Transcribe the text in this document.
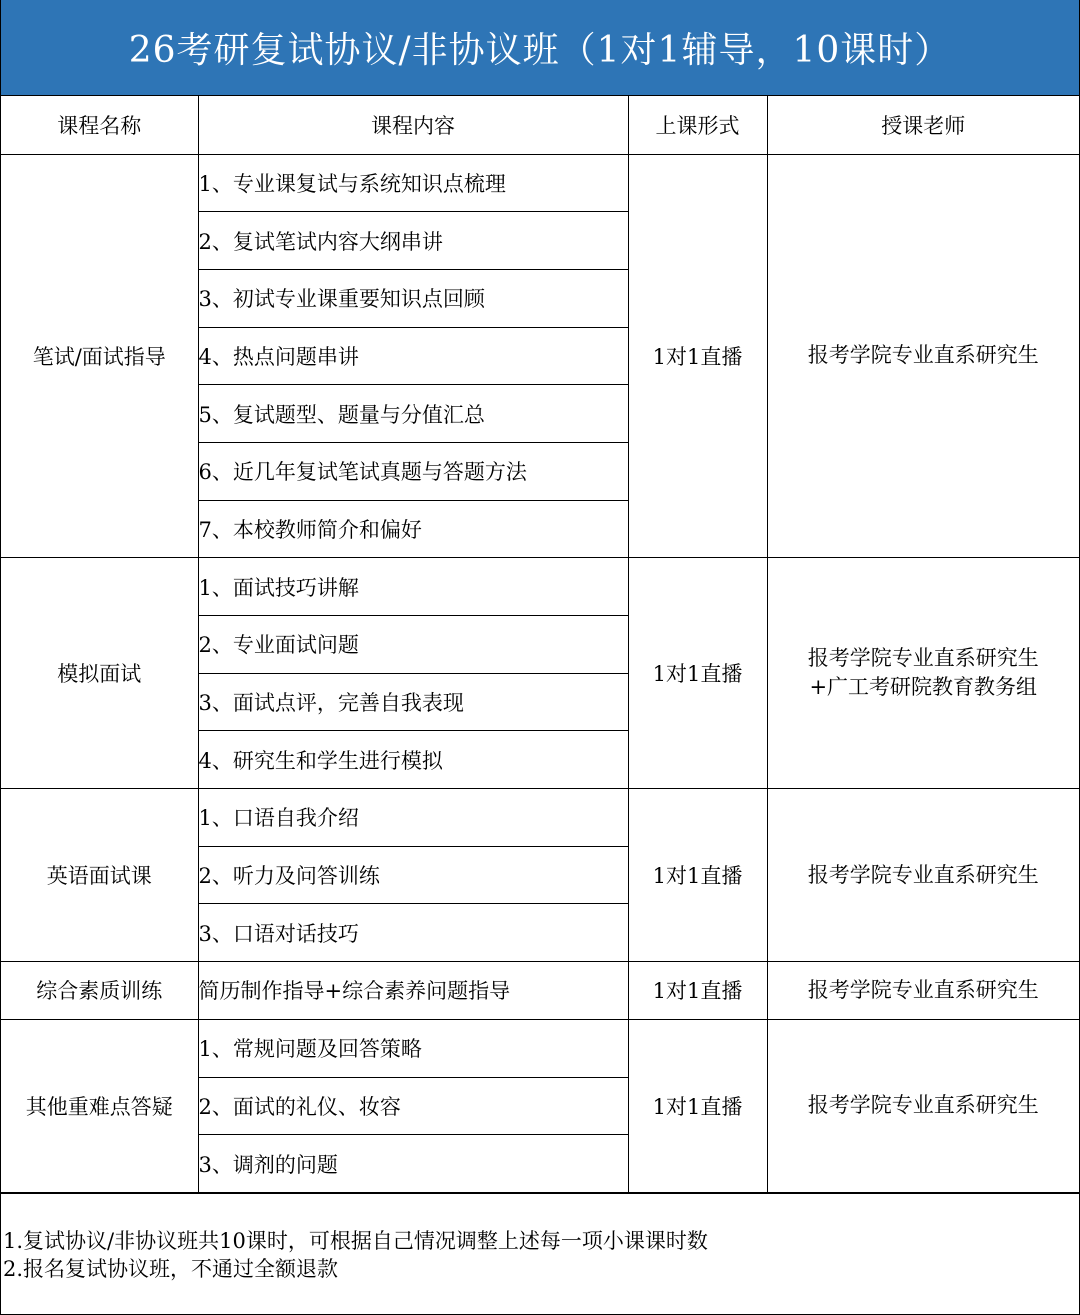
26考研复试协议/非协议班（1对1辅导，10课时）
课程名称	课程内容	上课形式	授课老师
笔试/面试指导	1、专业课复试与系统知识点梳理	1对1直播	报考学院专业直系研究生

	2、复试笔试内容大纲串讲		
	3、初试专业课重要知识点回顾		
	4、热点问题串讲		
	5、复试题型、题量与分值汇总		
	6、近几年复试笔试真题与答题方法		
	7、本校教师简介和偏好		
模拟面试	1、面试技巧讲解	1对1直播	报考学院专业直系研究生
+广工考研院教育教务组

	2、专业面试问题		
	3、面试点评，完善自我表现		
	4、研究生和学生进行模拟		
英语面试课	1、口语自我介绍	1对1直播	报考学院专业直系研究生

	2、听力及问答训练		
	3、口语对话技巧		
综合素质训练	简历制作指导+综合素养问题指导	1对1直播	报考学院专业直系研究生

其他重难点答疑	1、常规问题及回答策略	1对1直播	报考学院专业直系研究生

	2、面试的礼仪、妆容		
	3、调剂的问题		
1.复试协议/非协议班共10课时，可根据自己情况调整上述每一项小课课时数
2.报名复试协议班，不通过全额退款
